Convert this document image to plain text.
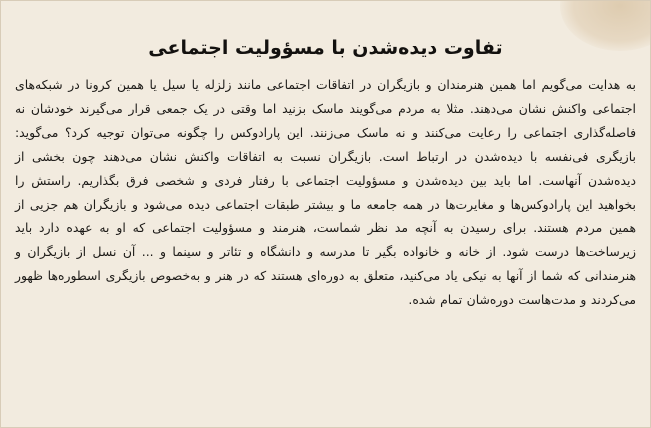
تفاوت دیده‌شدن با مسؤولیت اجتماعی

به هدایت می‌گویم اما همین هنرمندان و بازیگران در اتفاقات اجتماعی مانند زلزله یا سیل یا همین کرونا در شبکه‌های اجتماعی واکنش نشان می‌دهند. مثلا به مردم می‌گویند ماسک بزنید اما وقتی در یک جمعی قرار می‌گیرند خودشان نه فاصله‌گذاری اجتماعی را رعایت می‌کنند و نه ماسک می‌زنند. این پارادوکس را چگونه می‌توان توجیه کرد؟ می‌گوید: بازیگری فی‌نفسه با دیده‌شدن در ارتباط است. بازیگران نسبت به اتفاقات واکنش نشان می‌دهند چون بخشی از دیده‌شدن آنهاست. اما باید بین دیده‌شدن و مسؤولیت اجتماعی با رفتار فردی و شخصی فرق بگذاریم. راستش را بخواهید این پارادوکس‌ها و مغایرت‌ها در همه جامعه ما و بیشتر طبقات اجتماعی دیده می‌شود و بازیگران هم جزیی از همین مردم هستند. برای رسیدن به آنچه مد نظر شماست، هنرمند و مسؤولیت اجتماعی که او به عهده دارد باید زیرساخت‌ها درست شود. از خانه و خانواده بگیر تا مدرسه و دانشگاه و تئاتر و سینما و ... آن نسل از بازیگران و هنرمندانی که شما از آنها به نیکی یاد می‌کنید، متعلق به دوره‌ای هستند که در هنر و به‌خصوص بازیگری اسطوره‌ها ظهور می‌کردند و مدت‌هاست دوره‌شان تمام شده.
